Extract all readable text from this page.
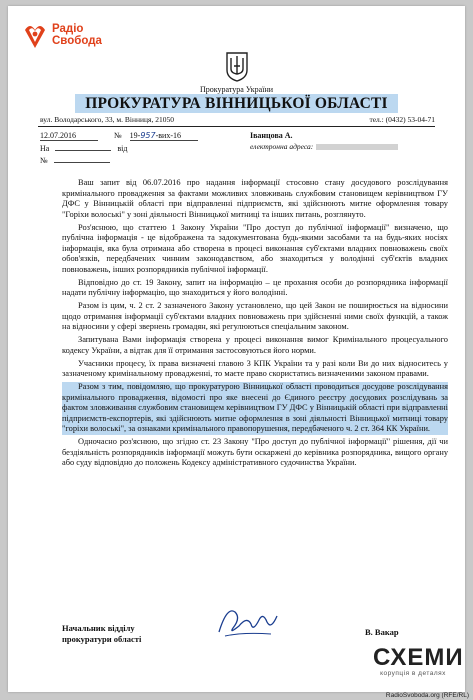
Радіо
Свобода
Прокуратура України
ПРОКУРАТУРА ВІННИЦЬКОЇ ОБЛАСТІ
вул. Володарського, 33, м. Вінниця, 21050	тел.: (0432) 53-04-71
12.07.2016	№ 19-957-вих-16
На	від
№
Іванцова А.
електронна адреса:

Ваш запит від 06.07.2016 про надання інформації стосовно стану досудового розслідування кримінального провадження за фактами можливих зловживань службовим становищем керівництвом ГУ ДФС у Вінницькій області при відправленні підприємств, які здійснюють митне оформлення товару "Горіхи волоські" у зоні діяльності Вінницької митниці та інших питань, розглянуто.

Роз'яснюю, що статтею 1 Закону України "Про доступ до публічної інформації" визначено, що публічна інформація - це відображена та задокументована будь-якими засобами та на будь-яких носіях інформація, яка була отримана або створена в процесі виконання суб'єктами владних повноважень своїх обов'язків, передбачених чинним законодавством, або знаходиться у володінні суб'єктів владних повноважень, інших розпорядників публічної інформації.

Відповідно до ст. 19 Закону, запит на інформацію – це прохання особи до розпорядника інформації надати публічну інформацію, що знаходиться у його володінні.

Разом із цим, ч. 2 ст. 2 зазначеного Закону установлено, що цей Закон не поширюється на відносини щодо отримання інформації суб'єктами владних повноважень при здійсненні ними своїх функцій, а також на відносини у сфері звернень громадян, які регулюються спеціальним законом.

Запитувана Вами інформація створена у процесі виконання вимог Кримінального процесуального кодексу України, а відтак для її отримання застосовуються його норми.

Учасники процесу, їх права визначені главою 3 КПК України та у разі коли Ви до них відноситесь у зазначеному кримінальному провадженні, то маєте право скористатись визначеними законом правами.

Разом з тим, повідомляю, що прокуратурою Вінницької області проводиться досудове розслідування кримінального провадження, відомості про яке внесені до Єдиного реєстру досудових розслідувань за фактом зловживання службовим становищем керівництвом ГУ ДФС у Вінницькій області при відправленні підприємств-експортерів, які здійснюють митне оформлення в зоні діяльності Вінницької митниці товару "горіхи волоські", за ознаками кримінального правопорушення, передбаченого ч. 2 ст. 364 КК України.

Одночасно роз'яснюю, що згідно ст. 23 Закону "Про доступ до публічної інформації" рішення, дії чи бездіяльність розпорядників інформації можуть бути оскаржені до керівника розпорядника, вищого органу або суду відповідно до положень Кодексу адміністративного судочинства України.

Начальник відділу
прокуратури області
В. Вакар
СХЕМИ
корупція в деталях
RadioSvoboda.org (RFE/RL)
